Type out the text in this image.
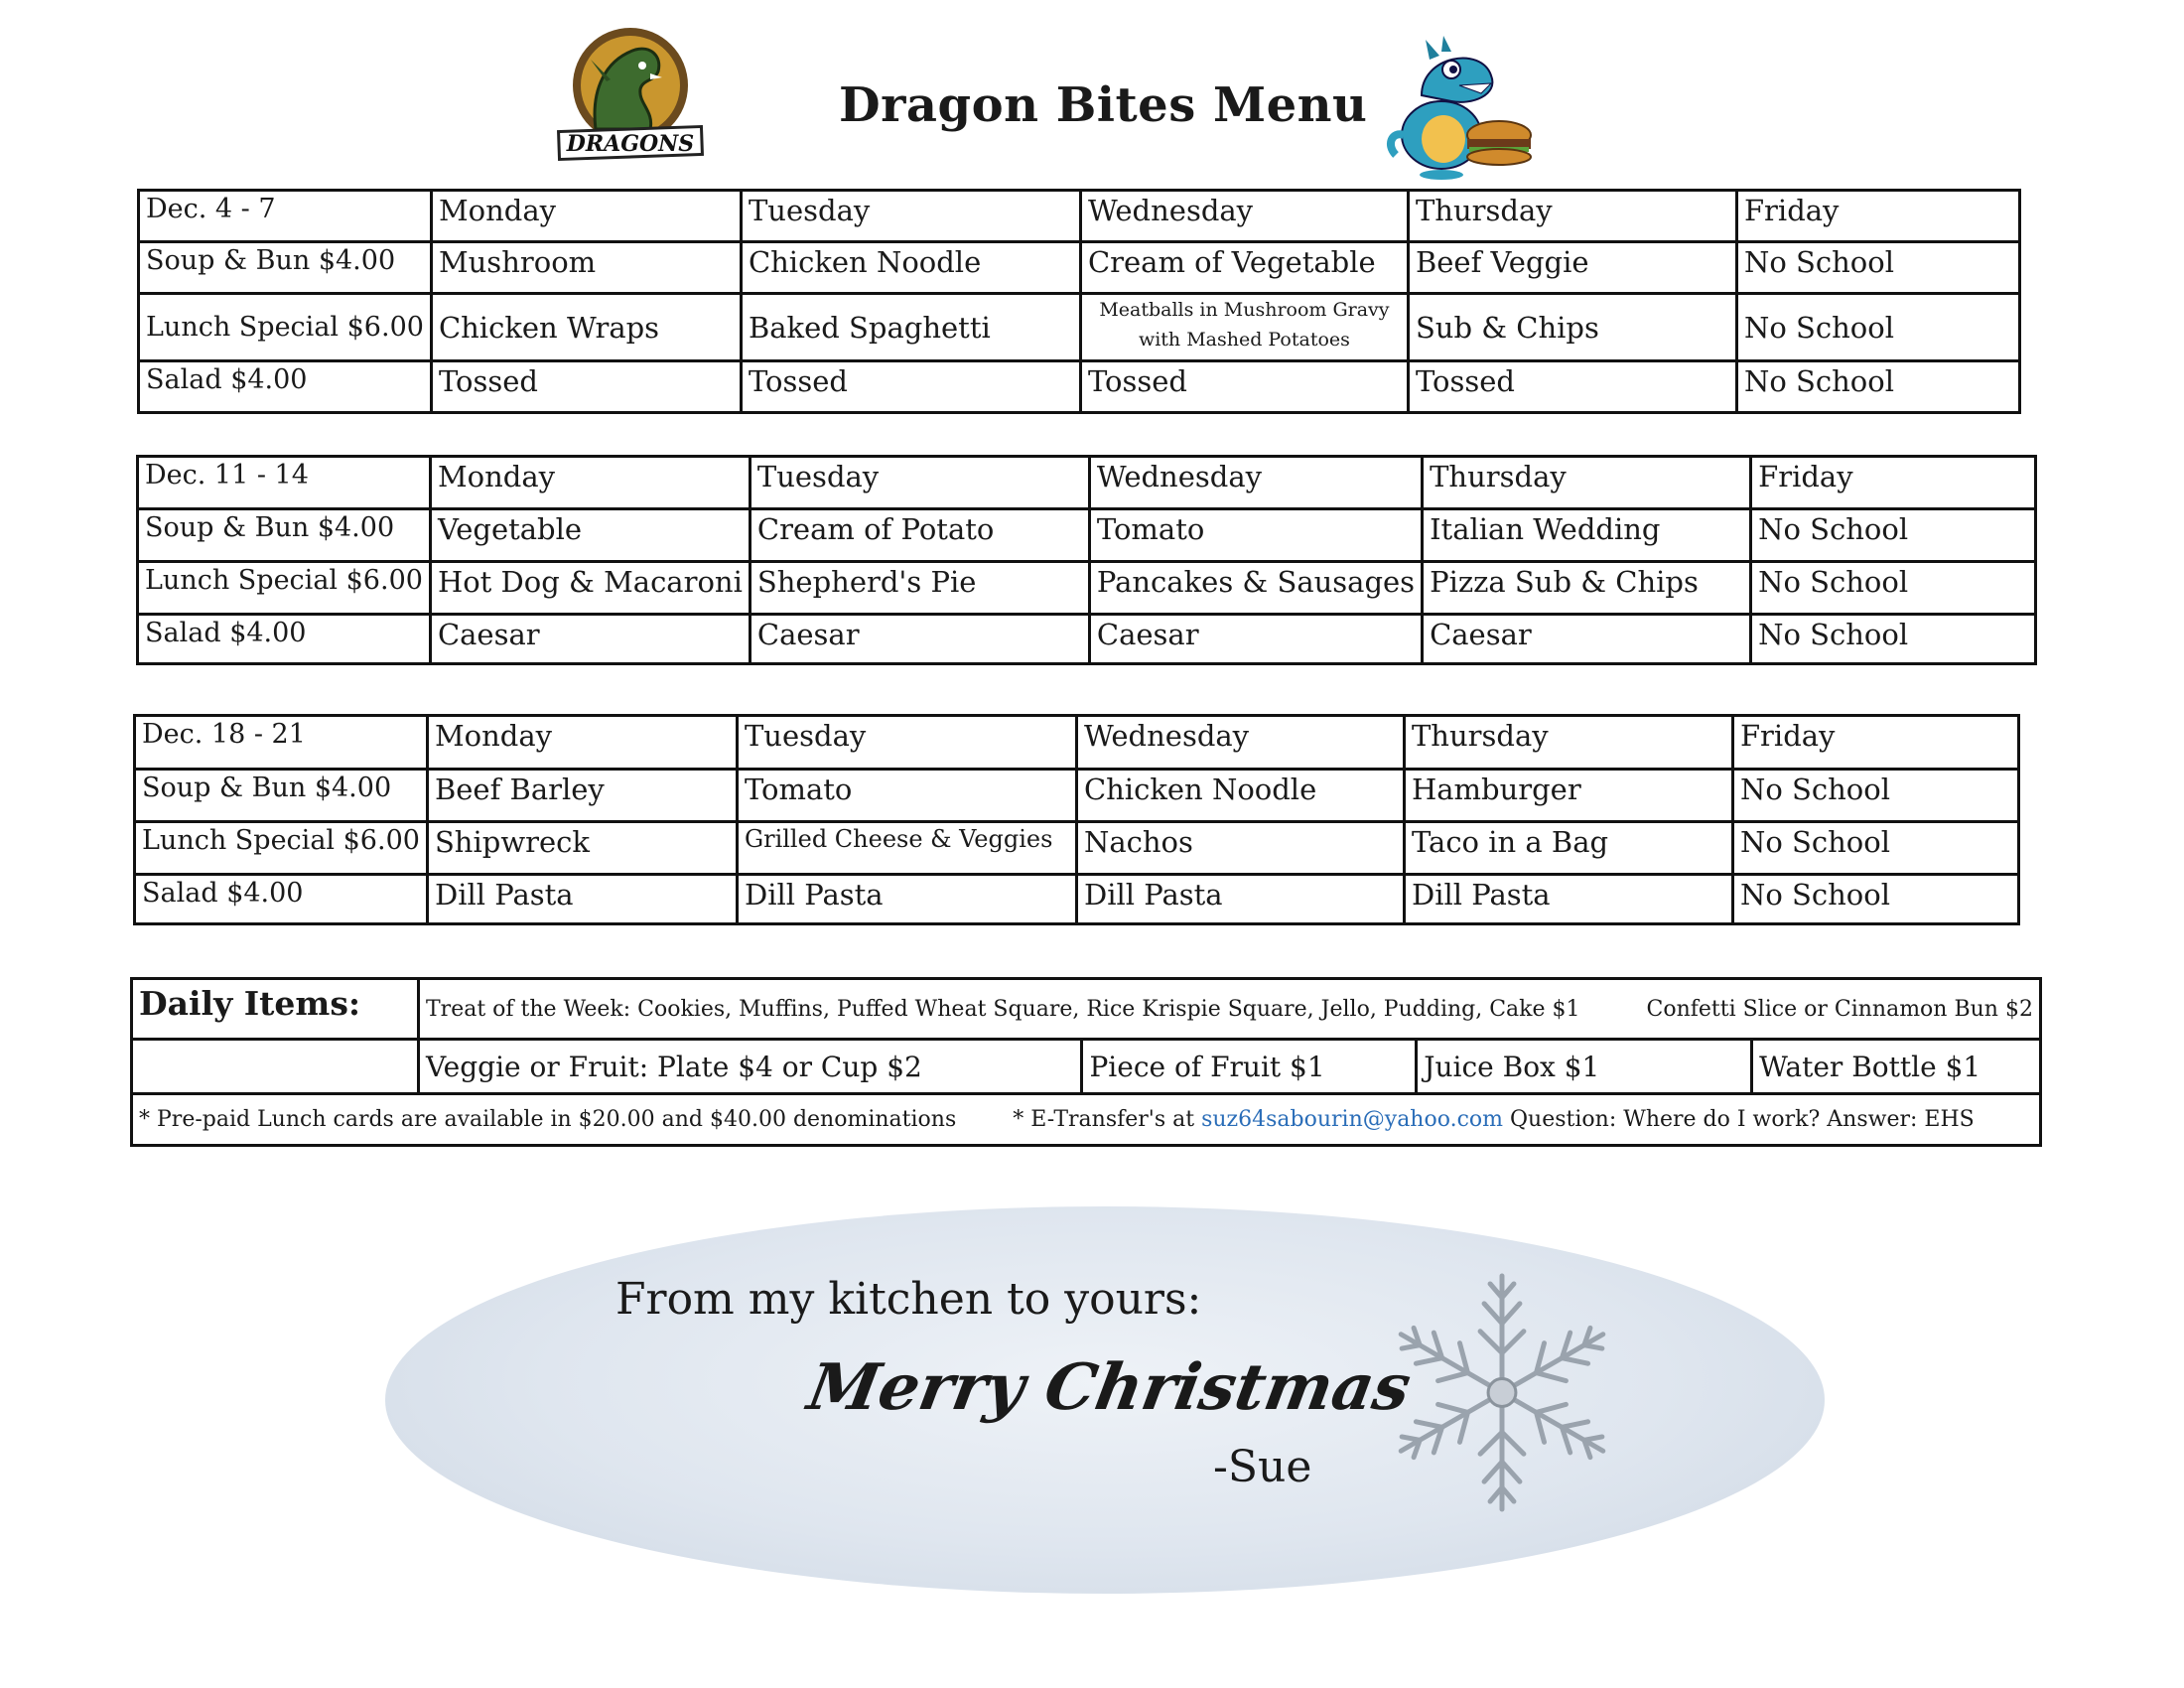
DRAGONS
Dragon Bites Menu
Dec. 4 - 7	Monday	Tuesday	Wednesday	Thursday	Friday
Soup & Bun $4.00	Mushroom	Chicken Noodle	Cream of Vegetable	Beef Veggie	No School
Lunch Special $6.00	Chicken Wraps	Baked Spaghetti	Meatballs in Mushroom Gravy with Mashed Potatoes	Sub & Chips	No School
Salad $4.00	Tossed	Tossed	Tossed	Tossed	No School
Dec. 11 - 14	Monday	Tuesday	Wednesday	Thursday	Friday
Soup & Bun $4.00	Vegetable	Cream of Potato	Tomato	Italian Wedding	No School
Lunch Special $6.00	Hot Dog & Macaroni	Shepherd's Pie	Pancakes & Sausages	Pizza Sub & Chips	No School
Salad $4.00	Caesar	Caesar	Caesar	Caesar	No School
Dec. 18 - 21	Monday	Tuesday	Wednesday	Thursday	Friday
Soup & Bun $4.00	Beef Barley	Tomato	Chicken Noodle	Hamburger	No School
Lunch Special $6.00	Shipwreck	Grilled Cheese & Veggies	Nachos	Taco in a Bag	No School
Salad $4.00	Dill Pasta	Dill Pasta	Dill Pasta	Dill Pasta	No School
Daily Items:	Treat of the Week: Cookies, Muffins, Puffed Wheat Square, Rice Krispie Square, Jello, Pudding, Cake $1 Confetti Slice or Cinnamon Bun $2			
	Veggie or Fruit: Plate $4 or Cup $2	Piece of Fruit $1	Juice Box $1	Water Bottle $1
* Pre-paid Lunch cards are available in $20.00 and $40.00 denominations * E-Transfer's at suz64sabourin@yahoo.com Question: Where do I work? Answer: EHS				
From my kitchen to yours:
Merry Christmas
-Sue
